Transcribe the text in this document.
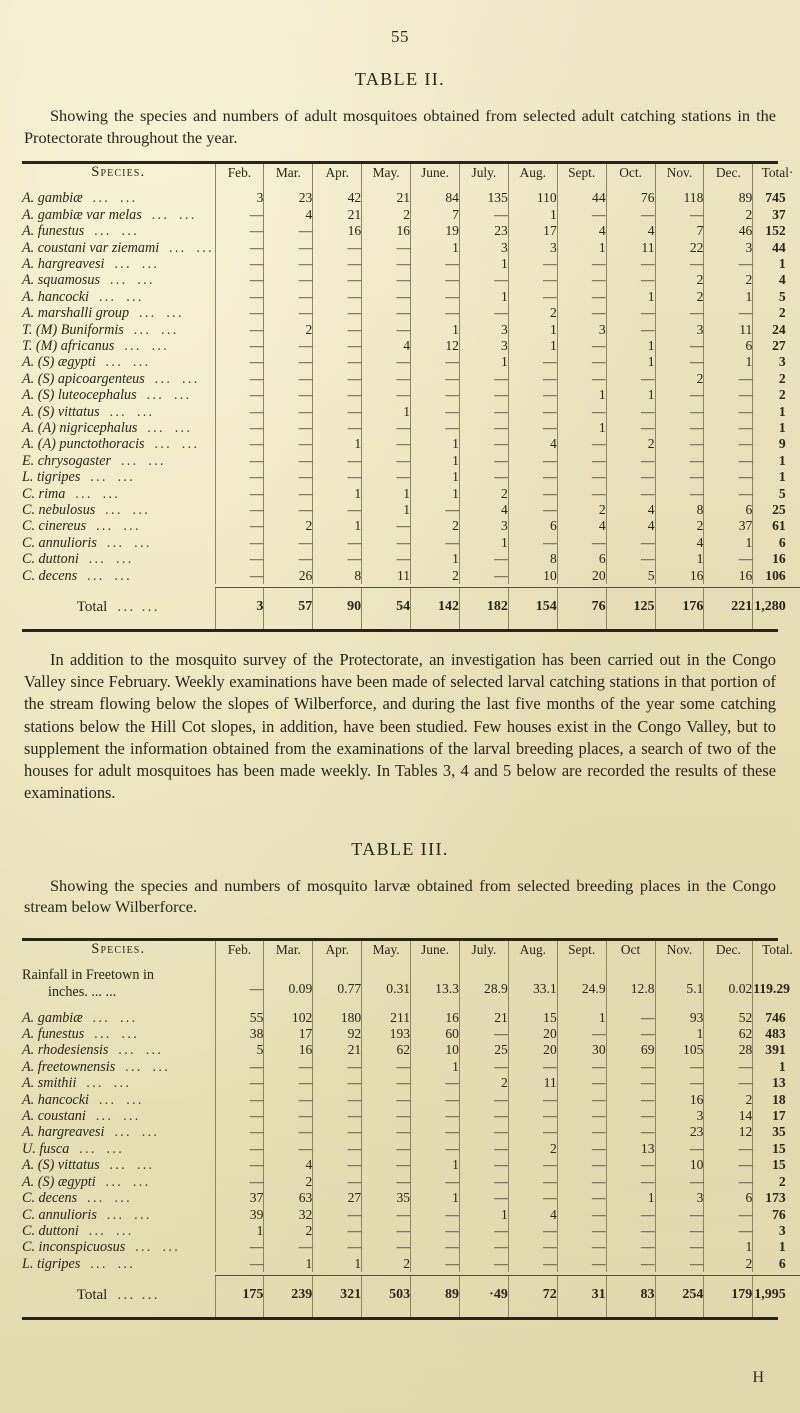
55
TABLE II.
Showing the species and numbers of adult mosquitoes obtained from selected adult catching stations in the Protectorate throughout the year.
Species.	Feb.	Mar.	Apr.	May.	June.	July.	Aug.	Sept.	Oct.	Nov.	Dec.	Total·

A. gambiæ ... ...	3	23	42	21	84	135	110	44	76	118	89	745
A. gambiæ var melas ... ...	—	4	21	2	7	—	1	—	—	—	2	37
A. funestus ... ...	—	—	16	16	19	23	17	4	4	7	46	152
A. coustani var ziemami ... ...	—	—	—	—	1	3	3	1	11	22	3	44
A. hargreavesi ... ...	—	—	—	—	—	1	—	—	—	—	—	1
A. squamosus ... ...	—	—	—	—	—	—	—	—	—	2	2	4
A. hancocki ... ...	—	—	—	—	—	1	—	—	1	2	1	5
A. marshalli group ... ...	—	—	—	—	—	—	2	—	—	—	—	2
T. (M) Buniformis ... ...	—	2	—	—	1	3	1	3	—	3	11	24
T. (M) africanus ... ...	—	—	—	4	12	3	1	—	1	—	6	27
A. (S) ægypti ... ...	—	—	—	—	—	1	—	—	1	—	1	3
A. (S) apicoargenteus ... ...	—	—	—	—	—	—	—	—	—	2	—	2
A. (S) luteocephalus ... ...	—	—	—	—	—	—	—	1	1	—	—	2
A. (S) vittatus ... ...	—	—	—	1	—	—	—	—	—	—	—	1
A. (A) nigricephalus ... ...	—	—	—	—	—	—	—	1	—	—	—	1
A. (A) punctothoracis ... ...	—	—	1	—	1	—	4	—	2	—	—	9
E. chrysogaster ... ...	—	—	—	—	1	—	—	—	—	—	—	1
L. tigripes ... ...	—	—	—	—	1	—	—	—	—	—	—	1
C. rima ... ...	—	—	1	1	1	2	—	—	—	—	—	5
C. nebulosus ... ...	—	—	—	1	—	4	—	2	4	8	6	25
C. cinereus ... ...	—	2	1	—	2	3	6	4	4	2	37	61
C. annulioris ... ...	—	—	—	—	—	1	—	—	—	4	1	6
C. duttoni ... ...	—	—	—	—	1	—	8	6	—	1	—	16
C. decens ... ...	—	26	8	11	2	—	10	20	5	16	16	106

Total ... ...	3	57	90	54	142	182	154	76	125	176	221	1,280

In addition to the mosquito survey of the Protectorate, an investigation has been carried out in the Congo Valley since February. Weekly examinations have been made of selected larval catching stations in that portion of the stream flowing below the slopes of Wilberforce, and during the last five months of the year some catching stations below the Hill Cot slopes, in addition, have been studied. Few houses exist in the Congo Valley, but to supplement the information obtained from the examinations of the larval breeding places, a search of two of the houses for adult mosquitoes has been made weekly. In Tables 3, 4 and 5 below are recorded the results of these examinations.
TABLE III.
Showing the species and numbers of mosquito larvæ obtained from selected breeding places in the Congo stream below Wilberforce.
Species.	Feb.	Mar.	Apr.	May.	June.	July.	Aug.	Sept.	Oct	Nov.	Dec.	Total.

Rainfall in Freetown in
inches. ... ...	—	0.09	0.77	0.31	13.3	28.9	33.1	24.9	12.8	5.1	0.02	119.29

A. gambiæ ... ...	55	102	180	211	16	21	15	1	—	93	52	746
A. funestus ... ...	38	17	92	193	60	—	20	—	—	1	62	483
A. rhodesiensis ... ...	5	16	21	62	10	25	20	30	69	105	28	391
A. freetownensis ... ...	—	—	—	—	1	—	—	—	—	—	—	1
A. smithii ... ...	—	—	—	—	—	2	11	—	—	—	—	13
A. hancocki ... ...	—	—	—	—	—	—	—	—	—	16	2	18
A. coustani ... ...	—	—	—	—	—	—	—	—	—	3	14	17
A. hargreavesi ... ...	—	—	—	—	—	—	—	—	—	23	12	35
U. fusca ... ...	—	—	—	—	—	—	2	—	13	—	—	15
A. (S) vittatus ... ...	—	4	—	—	1	—	—	—	—	10	—	15
A. (S) ægypti ... ...	—	2	—	—	—	—	—	—	—	—	—	2
C. decens ... ...	37	63	27	35	1	—	—	—	1	3	6	173
C. annulioris ... ...	39	32	—	—	—	1	4	—	—	—	—	76
C. duttoni ... ...	1	2	—	—	—	—	—	—	—	—	—	3
C. inconspicuosus ... ...	—	—	—	—	—	—	—	—	—	—	1	1
L. tigripes ... ...	—	1	1	2	—	—	—	—	—	—	2	6

Total ... ...	175	239	321	503	89	·49	72	31	83	254	179	1,995

H
